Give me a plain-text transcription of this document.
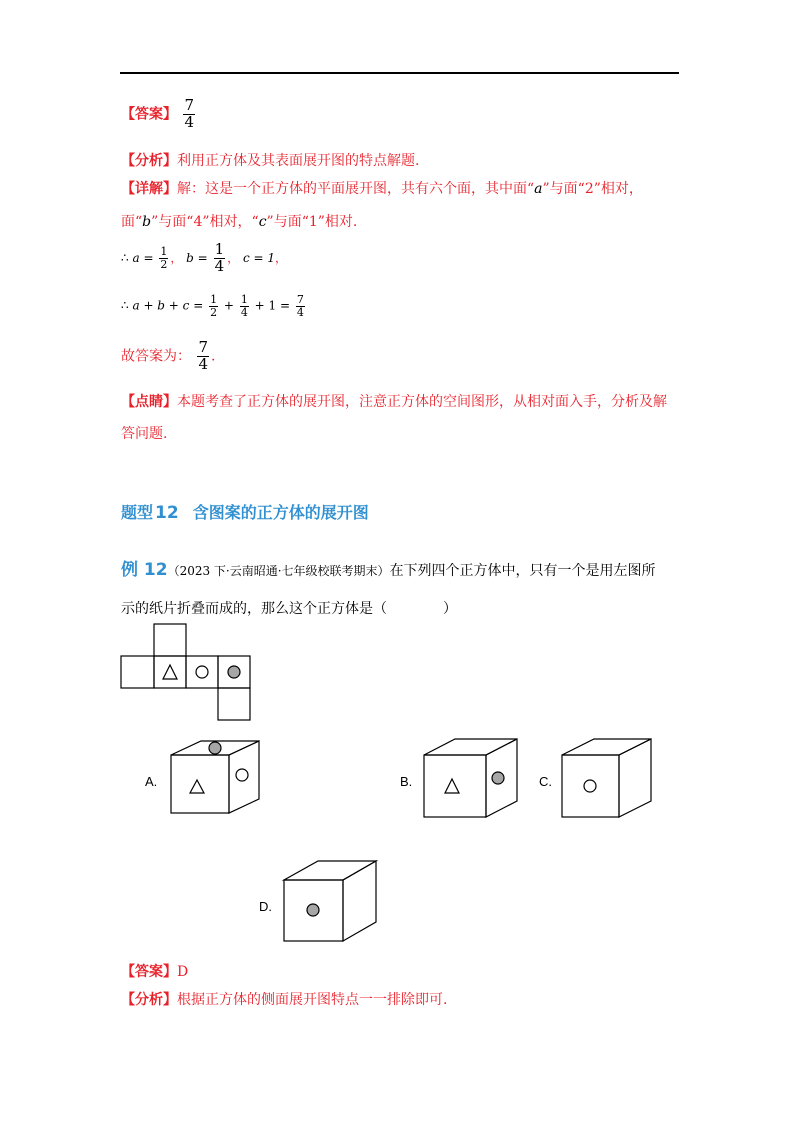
【答案】 $\frac{7}{4}$
【分析】利用正方体及其表面展开图的特点解题.
【详解】解：这是一个正方体的平面展开图，共有六个面，其中面“a”与面“2”相对，
面“b”与面“4”相对，“c”与面“1”相对.
∴ $a = \frac{1}{2}$ ， $b = \frac{1}{4}$ ， c = 1，
∴ $a + b + c = \frac{1}{2} + \frac{1}{4} + 1 = \frac{7}{4}$
故答案为： $\frac{7}{4}$ .
【点睛】本题考查了正方体的展开图，注意正方体的空间图形，从相对面入手，分析及解
答问题.
题型 12 含图案的正方体的展开图
例 12（2023 下·云南昭通·七年级校联考期末）在下列四个正方体中，只有一个是用左图所
示的纸片折叠而成的，那么这个正方体是（　　　　）
A.	B.	C.
D.
【答案】D
【分析】根据正方体的侧面展开图特点一一排除即可.
